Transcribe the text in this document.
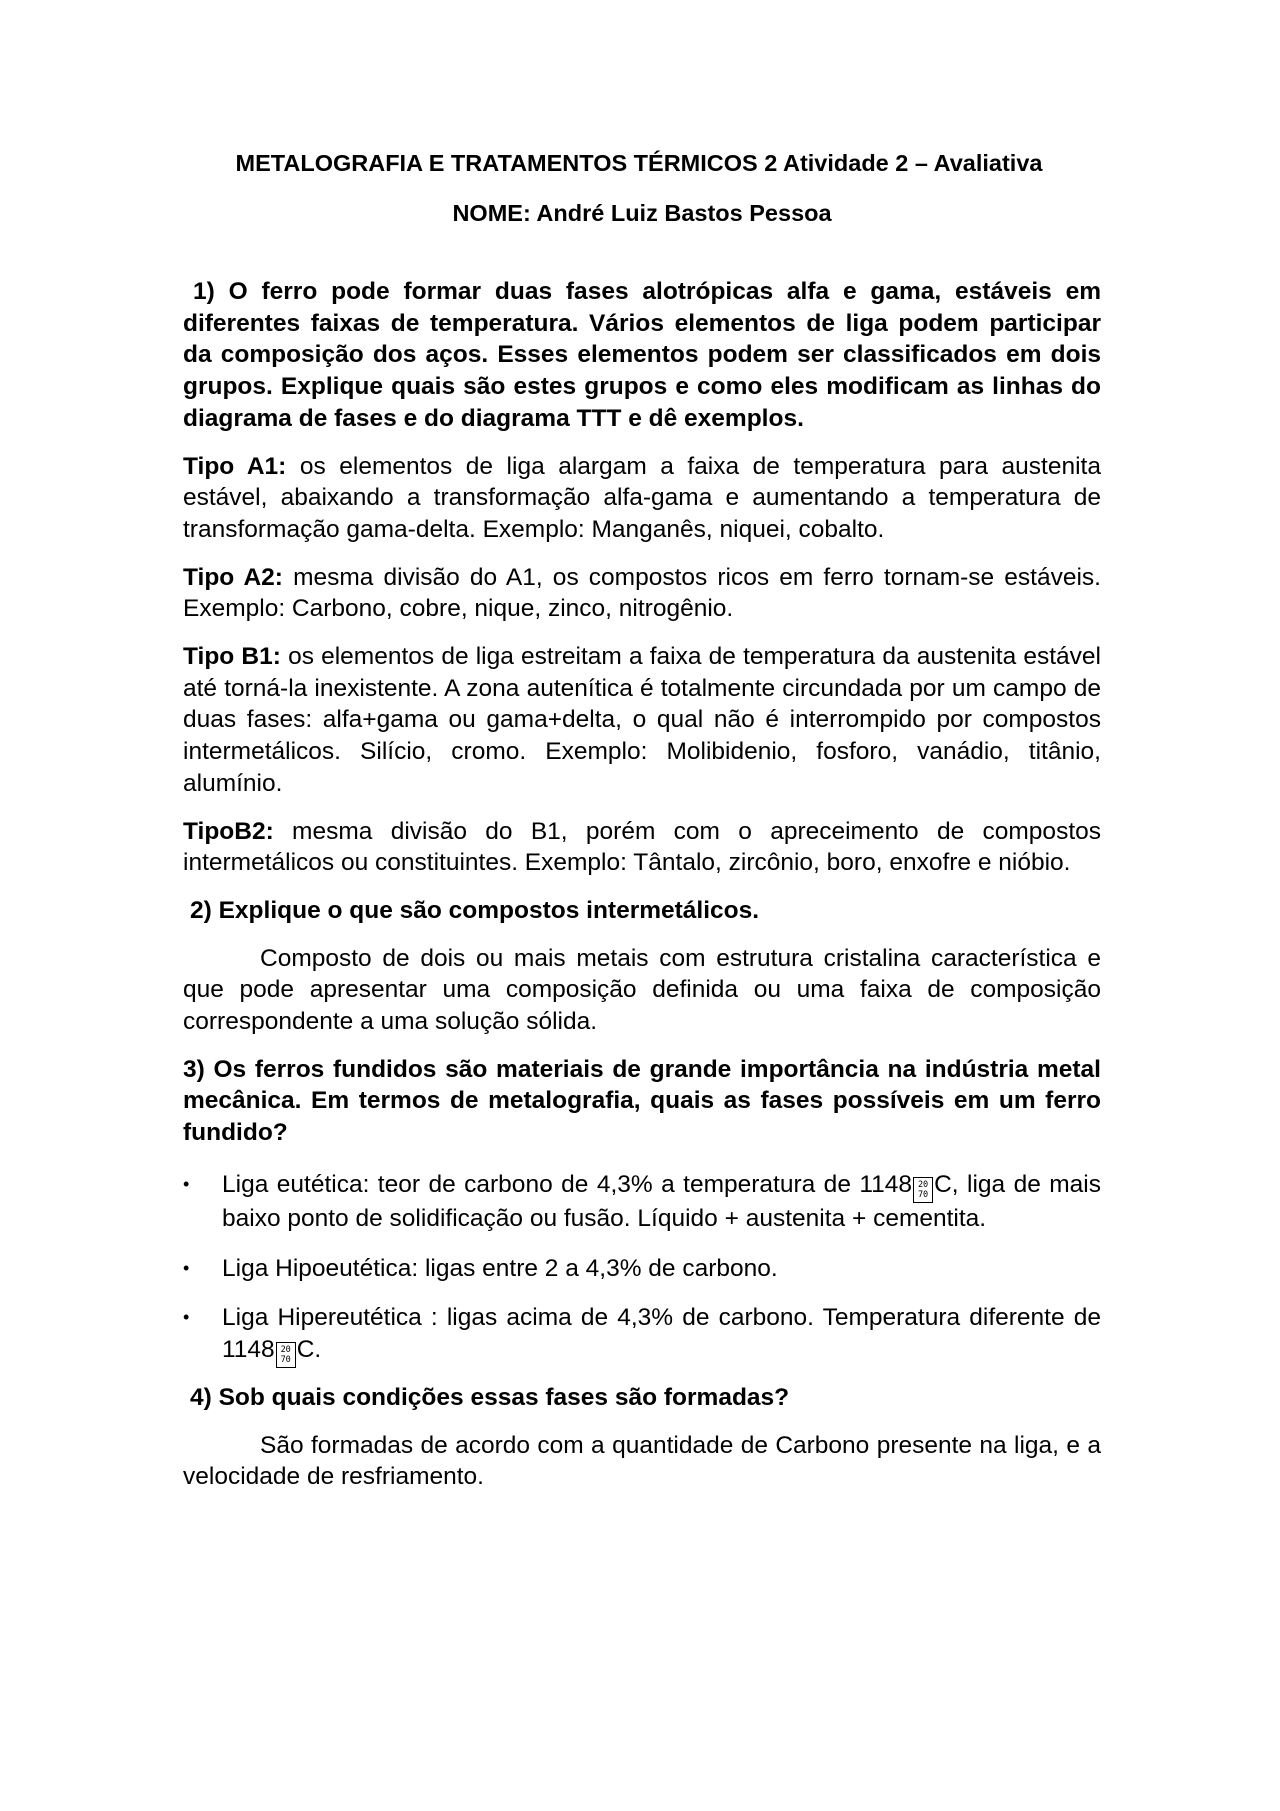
METALOGRAFIA E TRATAMENTOS TÉRMICOS 2 Atividade 2 – Avaliativa

NOME: André Luiz Bastos Pessoa

1) O ferro pode formar duas fases alotrópicas alfa e gama, estáveis em diferentes faixas de temperatura. Vários elementos de liga podem participar da composição dos aços. Esses elementos podem ser classificados em dois grupos. Explique quais são estes grupos e como eles modificam as linhas do diagrama de fases e do diagrama TTT e dê exemplos.

Tipo A1: os elementos de liga alargam a faixa de temperatura para austenita estável, abaixando a transformação alfa-gama e aumentando a temperatura de transformação gama-delta. Exemplo: Manganês, niquei, cobalto.

Tipo A2: mesma divisão do A1, os compostos ricos em ferro tornam-se estáveis. Exemplo: Carbono, cobre, nique, zinco, nitrogênio.

Tipo B1: os elementos de liga estreitam a faixa de temperatura da austenita estável até torná-la inexistente. A zona autenítica é totalmente circundada por um campo de duas fases: alfa+gama ou gama+delta, o qual não é interrompido por compostos intermetálicos. Silício, cromo. Exemplo: Molibidenio, fosforo, vanádio, titânio, alumínio.

TipoB2: mesma divisão do B1, porém com o apreceimento de compostos intermetálicos ou constituintes. Exemplo: Tântalo, zircônio, boro, enxofre e nióbio.

2) Explique o que são compostos intermetálicos.

Composto de dois ou mais metais com estrutura cristalina característica e que pode apresentar uma composição definida ou uma faixa de composição correspondente a uma solução sólida.

3) Os ferros fundidos são materiais de grande importância na indústria metal mecânica. Em termos de metalografia, quais as fases possíveis em um ferro fundido?

• Liga eutética: teor de carbono de 4,3% a temperatura de 1148 20
70 C, liga de mais baixo ponto de solidificação ou fusão. Líquido + austenita + cementita.
• Liga Hipoeutética: ligas entre 2 a 4,3% de carbono.
• Liga Hipereutética : ligas acima de 4,3% de carbono. Temperatura diferente de 1148 20
70 C.

4) Sob quais condições essas fases são formadas?

São formadas de acordo com a quantidade de Carbono presente na liga, e a velocidade de resfriamento.
